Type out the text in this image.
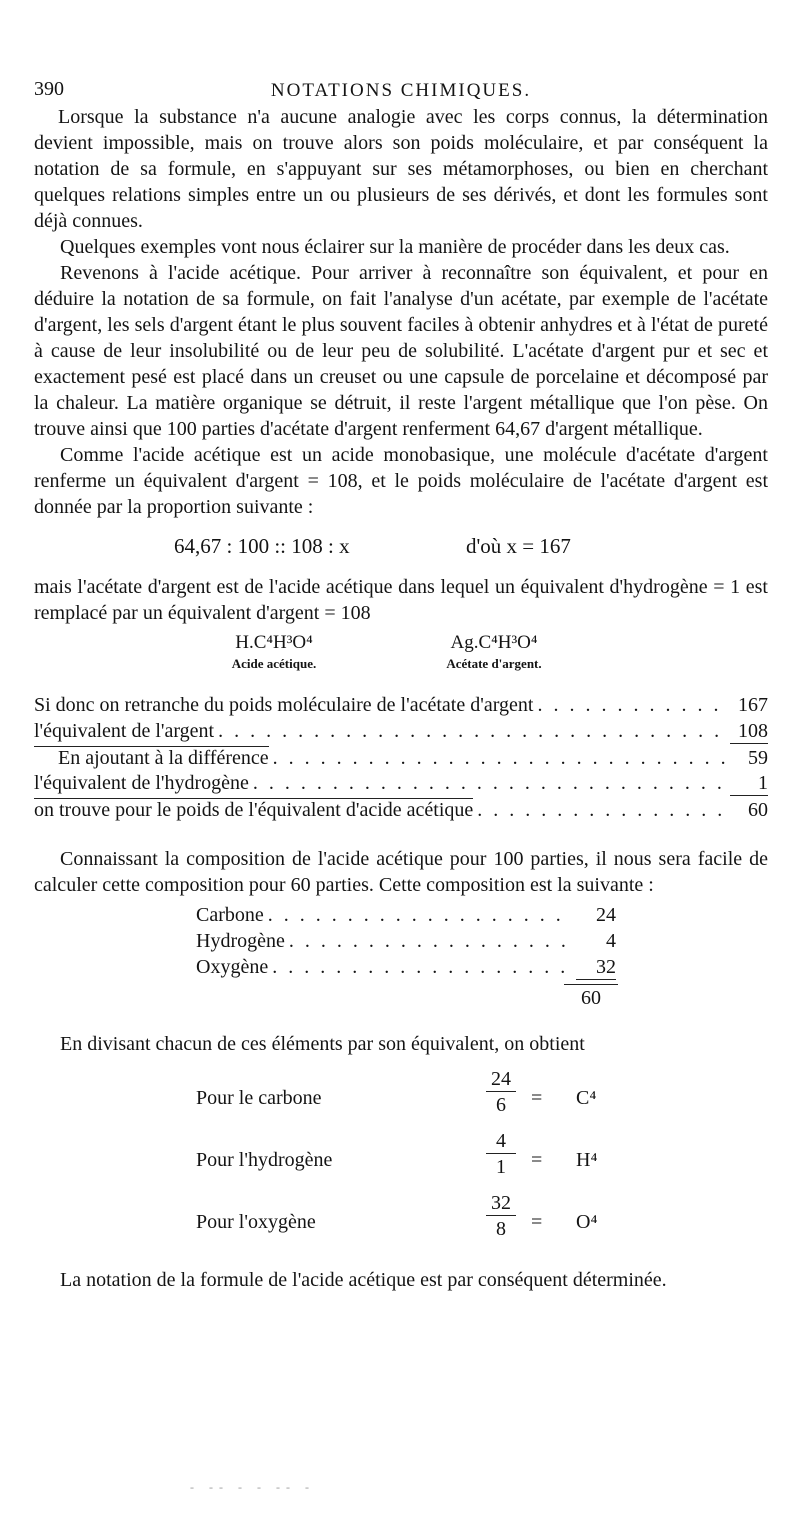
390	NOTATIONS CHIMIQUES.

Lorsque la substance n'a aucune analogie avec les corps connus, la détermination devient impossible, mais on trouve alors son poids moléculaire, et par conséquent la notation de sa formule, en s'appuyant sur ses métamorphoses, ou bien en cherchant quelques relations simples entre un ou plusieurs de ses dérivés, et dont les formules sont déjà connues.

Quelques exemples vont nous éclairer sur la manière de procéder dans les deux cas.

Revenons à l'acide acétique. Pour arriver à reconnaître son équivalent, et pour en déduire la notation de sa formule, on fait l'analyse d'un acétate, par exemple de l'acétate d'argent, les sels d'argent étant le plus souvent faciles à obtenir anhydres et à l'état de pureté à cause de leur insolubilité ou de leur peu de solubilité. L'acétate d'argent pur et sec et exactement pesé est placé dans un creuset ou une capsule de porcelaine et décomposé par la chaleur. La matière organique se détruit, il reste l'argent métallique que l'on pèse. On trouve ainsi que 100 parties d'acétate d'argent renferment 64,67 d'argent métallique.

Comme l'acide acétique est un acide monobasique, une molécule d'acétate d'argent renferme un équivalent d'argent = 108, et le poids moléculaire de l'acétate d'argent est donnée par la proportion suivante :

64,67 : 100 :: 108 : x	d'où x = 167

mais l'acétate d'argent est de l'acide acétique dans lequel un équivalent d'hydrogène = 1 est remplacé par un équivalent d'argent = 108

H.C⁴H³O⁴
Acide acétique.
Ag.C⁴H³O⁴
Acétate d'argent.
Si donc on retranche du poids moléculaire de l'acétate d'argent . . .	167
l'équivalent de l'argent . . .	108
En ajoutant à la différence . . .	59
l'équivalent de l'hydrogène . . .	1
on trouve pour le poids de l'équivalent d'acide acétique . . .	60

Connaissant la composition de l'acide acétique pour 100 parties, il nous sera facile de calculer cette composition pour 60 parties. Cette composition est la suivante :

Carbone . . .	24
Hydrogène . . .	4
Oxygène . . .	32
60

En divisant chacun de ces éléments par son équivalent, on obtient

Pour le carbone	$\frac{24}{6} = C^4$
Pour l'hydrogène	$\frac{4}{1} = H^4$
Pour l'oxygène	$\frac{32}{8} = O^4$

La notation de la formule de l'acide acétique est par conséquent déterminée.

- -- - - -- -
